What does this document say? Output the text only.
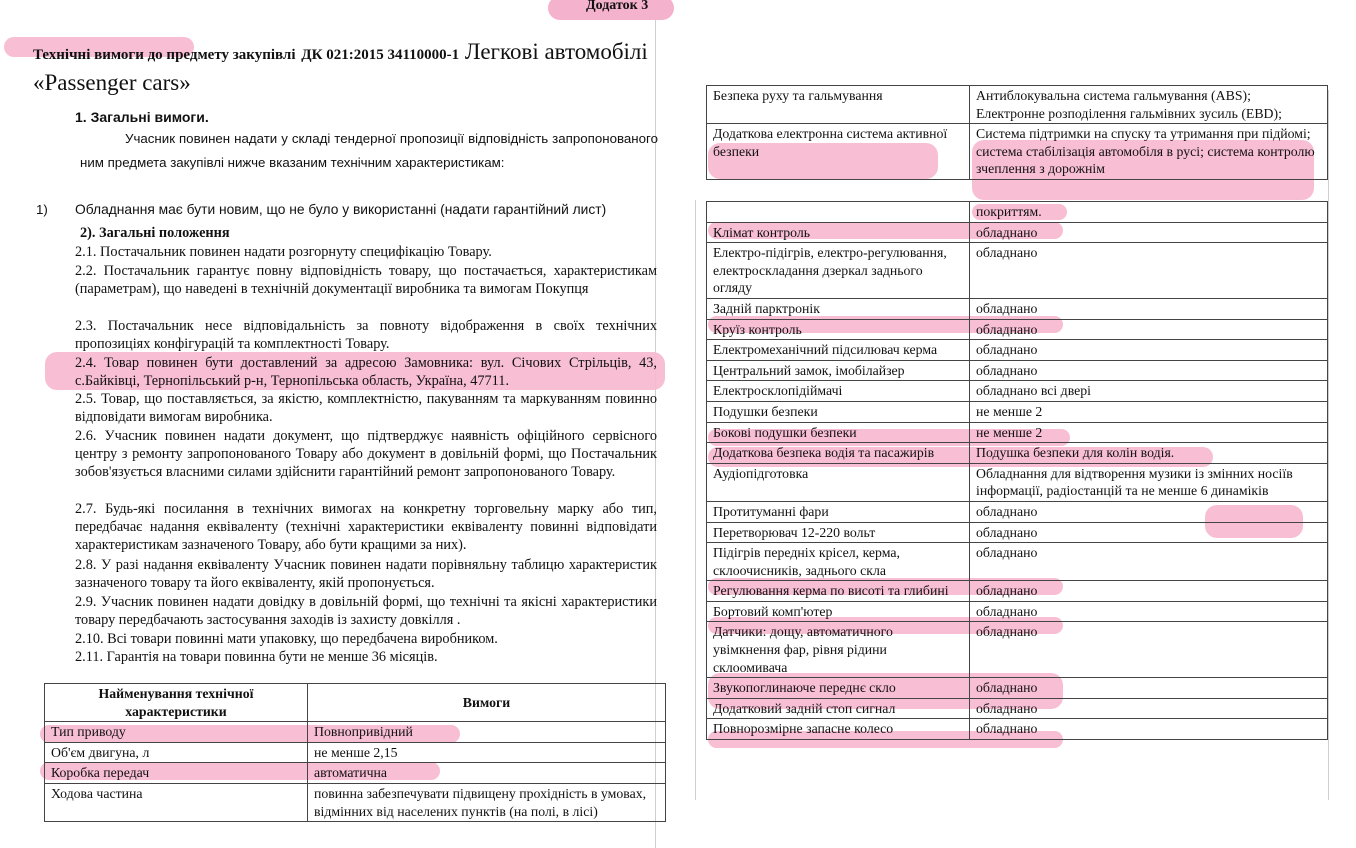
Додаток 3
Технічні вимоги до предмету закупівлі ДК 021:2015 34110000-1 Легкові автомобілі «Passenger cars»
1. Загальні вимоги.
Учасник повинен надати у складі тендерної пропозиції відповідність запропонованого ним предмета закупівлі нижче вказаним технічним характеристикам:
1) Обладнання має бути новим, що не було у використанні (надати гарантійний лист)
2). Загальні положення
2.1. Постачальник повинен надати розгорнуту специфікацію Товару.
2.2. Постачальник гарантує повну відповідність товару, що постачається, характеристикам (параметрам), що наведені в технічній документації виробника та вимогам Покупця
2.3. Постачальник несе відповідальність за повноту відображення в своїх технічних пропозиціях конфігурацій та комплектності Товару.
2.4. Товар повинен бути доставлений за адресою Замовника: вул. Січових Стрільців, 43, с.Байківці, Тернопільський р-н, Тернопільська область, Україна, 47711.
2.5. Товар, що поставляється, за якістю, комплектністю, пакуванням та маркуванням повинно відповідати вимогам виробника.
2.6. Учасник повинен надати документ, що підтверджує наявність офіційного сервісного центру з ремонту запропонованого Товару або документ в довільній формі, що Постачальник зобов'язується власними силами здійснити гарантійний ремонт запропонованого Товару.
2.7. Будь-які посилання в технічних вимогах на конкретну торговельну марку або тип, передбачає надання еквіваленту (технічні характеристики еквіваленту повинні відповідати характеристикам зазначеного Товару, або бути кращими за них).
2.8. У разі надання еквіваленту Учасник повинен надати порівняльну таблицю характеристик зазначеного товару та його еквіваленту, якій пропонується.
2.9. Учасник повинен надати довідку в довільній формі, що технічні та якісні характеристики товару передбачають застосування заходів із захисту довкілля .
2.10. Всі товари повинні мати упаковку, що передбачена виробником.
2.11. Гарантія на товари повинна бути не менше 36 місяців.
Найменування технічної характеристики	Вимоги
Тип приводу	Повнопривідний
Об'єм двигуна, л	не менше 2,15
Коробка передач	автоматична
Ходова частина	повинна забезпечувати підвищену прохідність в умовах, відмінних від населених пунктів (на полі, в лісі)
Безпека руху та гальмування	Антиблокувальна система гальмування (ABS); Електронне розподілення гальмівних зусиль (EBD);
Додаткова електронна система активної безпеки	Система підтримки на спуску та утримання при підйомі; система стабілізація автомобіля в русі; система контролю зчеплення з дорожнім
	покриттям.
Клімат контроль	обладнано
Електро-підігрів, електро-регулювання, електроскладання дзеркал заднього огляду	обладнано
Задній парктронік	обладнано
Круїз контроль	обладнано
Електромеханічний підсилювач керма	обладнано
Центральний замок, імобілайзер	обладнано
Електросклопідіймачі	обладнано всі двері
Подушки безпеки	не менше 2
Бокові подушки безпеки	не менше 2
Додаткова безпека водія та пасажирів	Подушка безпеки для колін водія.
Аудіопідготовка	Обладнання для відтворення музики із змінних носіїв інформації, радіостанцій та не менше 6 динаміків
Протитуманні фари	обладнано
Перетворювач 12-220 вольт	обладнано
Підігрів передніх крісел, керма, склоочисників, заднього скла	обладнано
Регулювання керма по висоті та глибині	обладнано
Бортовий комп'ютер	обладнано
Датчики: дощу, автоматичного увімкнення фар, рівня рідини склоомивача	обладнано
Звукопоглинаюче переднє скло	обладнано
Додатковий задній стоп сигнал	обладнано
Повнорозмірне запасне колесо	обладнано
